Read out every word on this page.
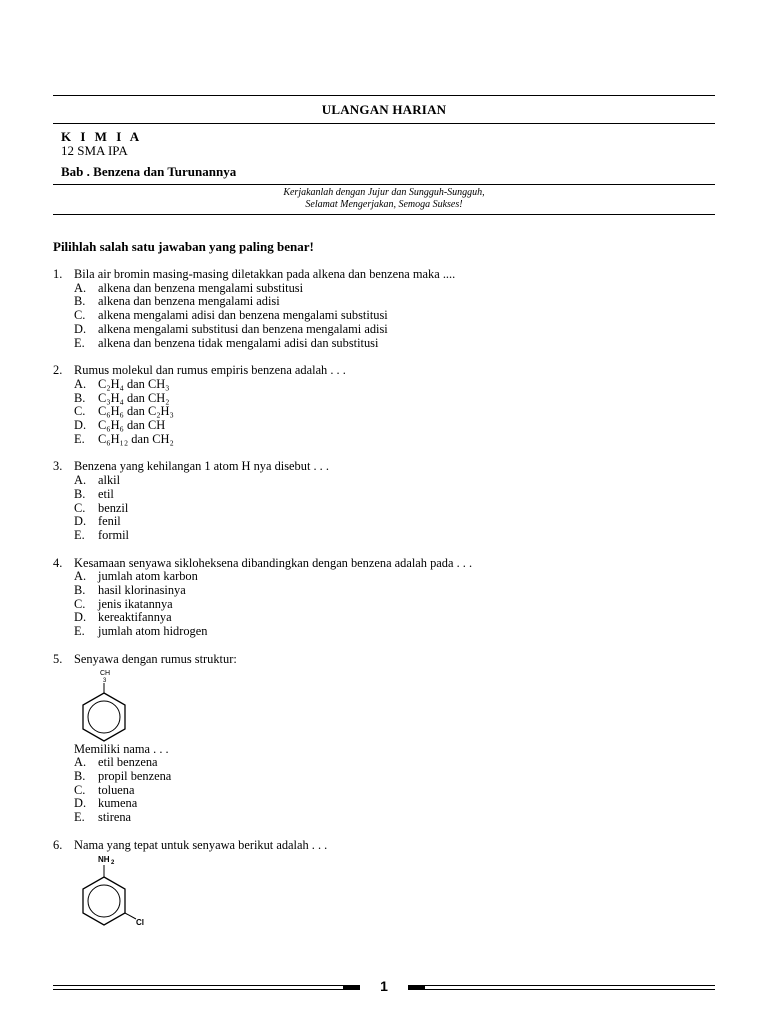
ULANGAN HARIAN
K I M I A
12 SMA IPA
Bab . Benzena dan Turunannya
Kerjakanlah dengan Jujur dan Sungguh-Sungguh,
Selamat Mengerjakan, Semoga Sukses!
Pilihlah salah satu jawaban yang paling benar!
1. Bila air bromin masing-masing diletakkan pada alkena dan benzena maka ....
A. alkena dan benzena mengalami substitusi
B.	alkena dan benzena mengalami adisi
C.	alkena mengalami adisi dan benzena mengalami substitusi
D. alkena mengalami substitusi dan benzena mengalami adisi
E.	alkena dan benzena tidak mengalami adisi dan substitusi
2. Rumus molekul dan rumus empiris benzena adalah . . .
A. C₂H₄ dan CH₃
B.	C₃H₄ dan CH₂
C.	C₆H₆ dan C₂H₃
D. C₆H₆ dan CH
E.	C₆H₁₂ dan CH₂
3. Benzena yang kehilangan 1 atom H nya disebut . . .
A. alkil
B.	etil
C.	benzil
D. fenil
E.	formil
4. Kesamaan senyawa sikloheksena dibandingkan dengan benzena adalah pada . . .
A. jumlah atom karbon
B.	hasil klorinasinya
C.	jenis ikatannya
D. kereaktifannya
E.	jumlah atom hidrogen
5. Senyawa dengan rumus struktur:
CH
3
Memiliki nama . . .
A. etil benzena
B.	propil benzena
C.	toluena
D. kumena
E.	stirena
6. Nama yang tepat untuk senyawa berikut adalah . . .
NH 2
Cl
1
